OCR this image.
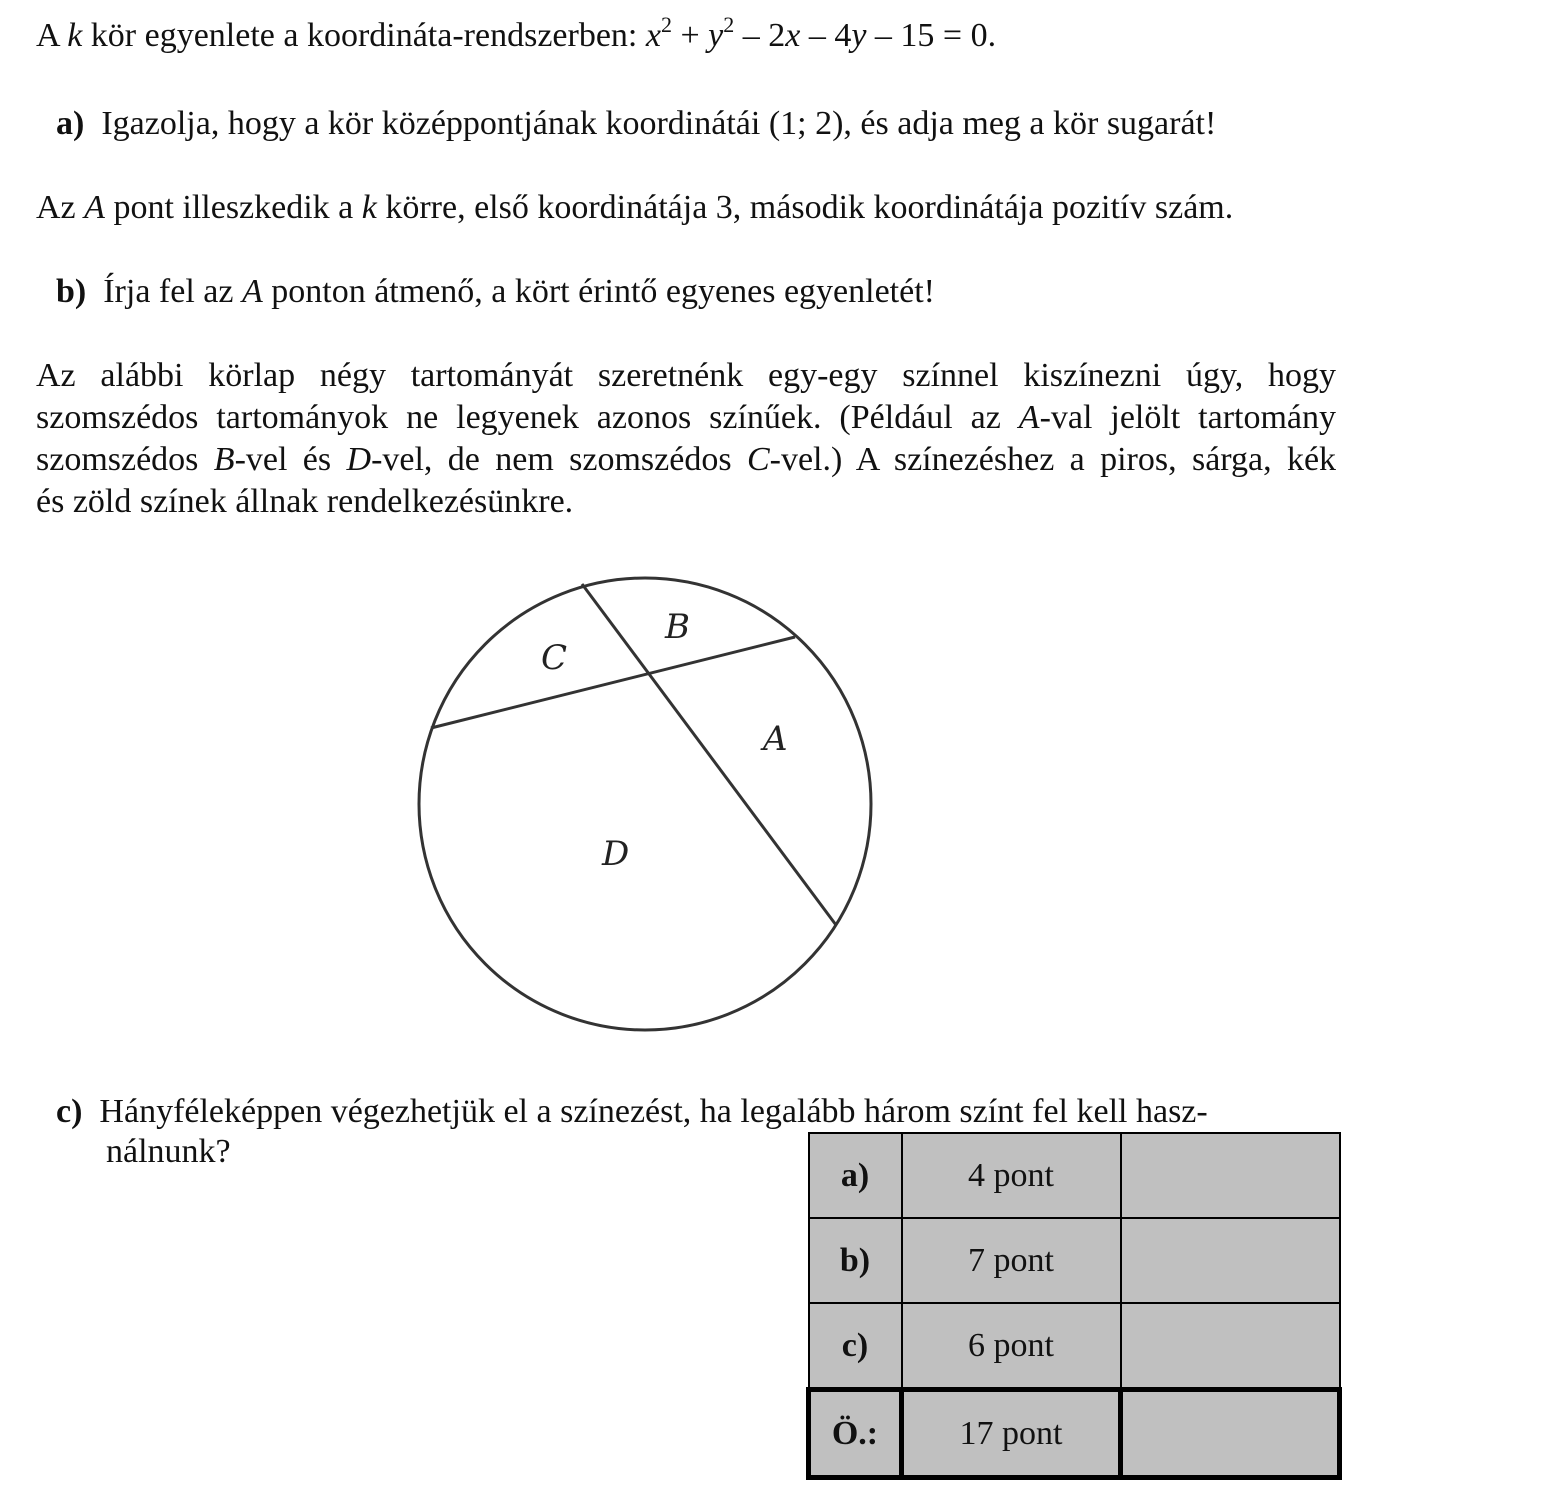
A k kör egyenlete a koordináta-rendszerben: $x^2 + y^2 - 2x - 4y - 15 = 0$.
a) Igazolja, hogy a kör középpontjának koordinátái (1; 2), és adja meg a kör sugarát!
Az A pont illeszkedik a k körre, első koordinátája 3, második koordinátája pozitív szám.
b) Írja fel az A ponton átmenő, a kört érintő egyenes egyenletét!
Az alábbi körlap négy tartományát szeretnénk egy-egy színnel kiszínezni úgy, hogy
szomszédos tartományok ne legyenek azonos színűek. (Például az A-val jelölt tartomány
szomszédos B-vel és D-vel, de nem szomszédos C-vel.) A színezéshez a piros, sárga, kék
és zöld színek állnak rendelkezésünkre.
B
C
A
D
c) Hányféleképpen végezhetjük el a színezést, ha legalább három színt fel kell hasz-
nálnunk?
a)	4 pont	
b)	7 pont	
c)	6 pont	
Ö.:	17 pont	
